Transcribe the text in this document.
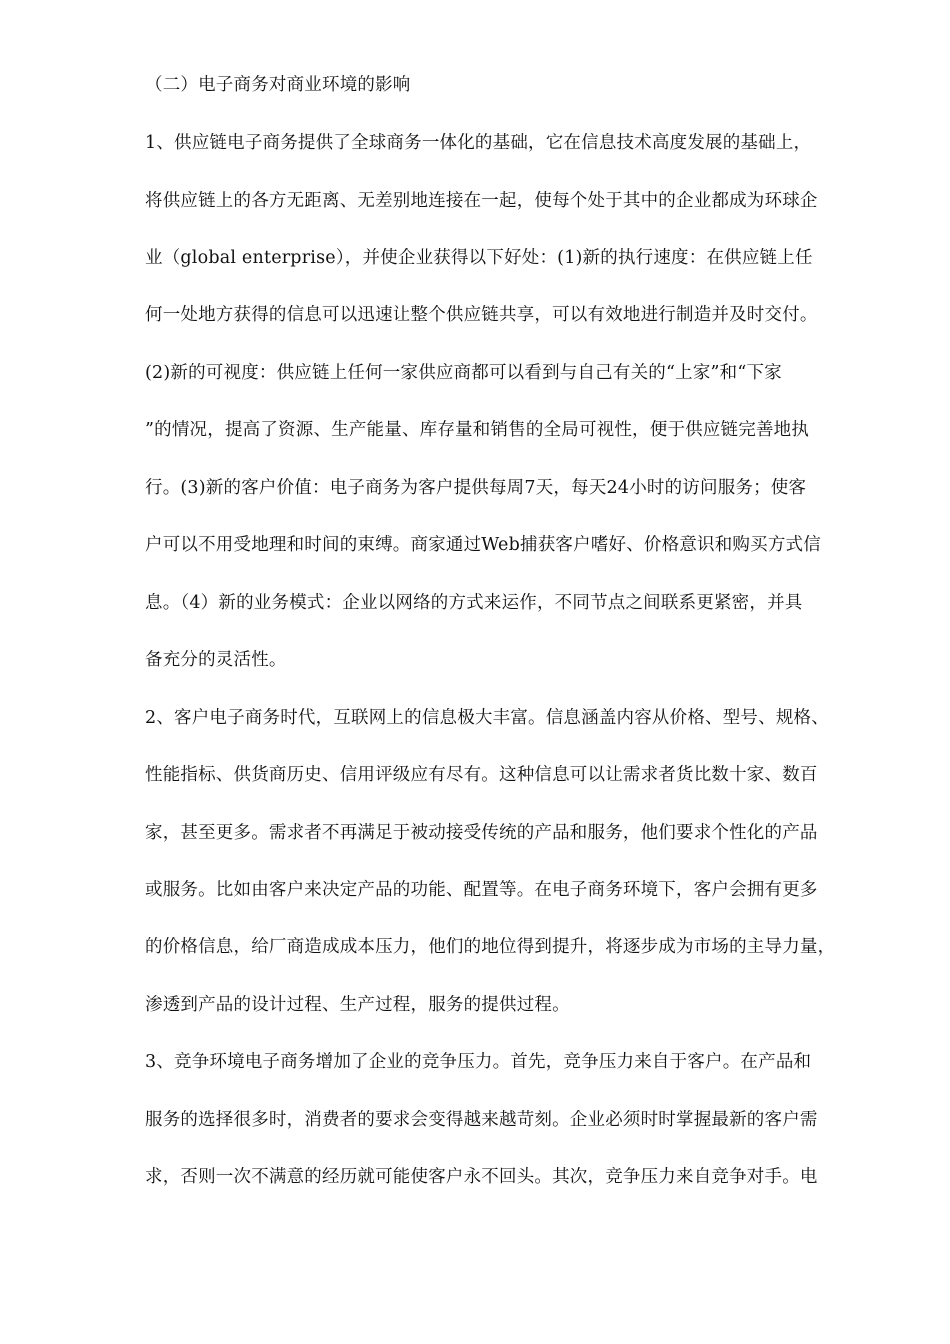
（二）电子商务对商业环境的影响
1、供应链电子商务提供了全球商务一体化的基础，它在信息技术高度发展的基础上，
将供应链上的各方无距离、无差别地连接在一起，使每个处于其中的企业都成为环球企
业（global enterprise），并使企业获得以下好处：(1)新的执行速度：在供应链上任
何一处地方获得的信息可以迅速让整个供应链共享，可以有效地进行制造并及时交付。
(2)新的可视度：供应链上任何一家供应商都可以看到与自己有关的“上家”和“下家
”的情况，提高了资源、生产能量、库存量和销售的全局可视性，便于供应链完善地执
行。(3)新的客户价值：电子商务为客户提供每周7天，每天24小时的访问服务；使客
户可以不用受地理和时间的束缚。商家通过Web捕获客户嗜好、价格意识和购买方式信
息。（4）新的业务模式：企业以网络的方式来运作，不同节点之间联系更紧密，并具
备充分的灵活性。
2、客户电子商务时代，互联网上的信息极大丰富。信息涵盖内容从价格、型号、规格、
性能指标、供货商历史、信用评级应有尽有。这种信息可以让需求者货比数十家、数百
家，甚至更多。需求者不再满足于被动接受传统的产品和服务，他们要求个性化的产品
或服务。比如由客户来决定产品的功能、配置等。在电子商务环境下，客户会拥有更多
的价格信息，给厂商造成成本压力，他们的地位得到提升，将逐步成为市场的主导力量，
渗透到产品的设计过程、生产过程，服务的提供过程。
3、竞争环境电子商务增加了企业的竞争压力。首先，竞争压力来自于客户。在产品和
服务的选择很多时，消费者的要求会变得越来越苛刻。企业必须时时掌握最新的客户需
求，否则一次不满意的经历就可能使客户永不回头。其次，竞争压力来自竞争对手。电
